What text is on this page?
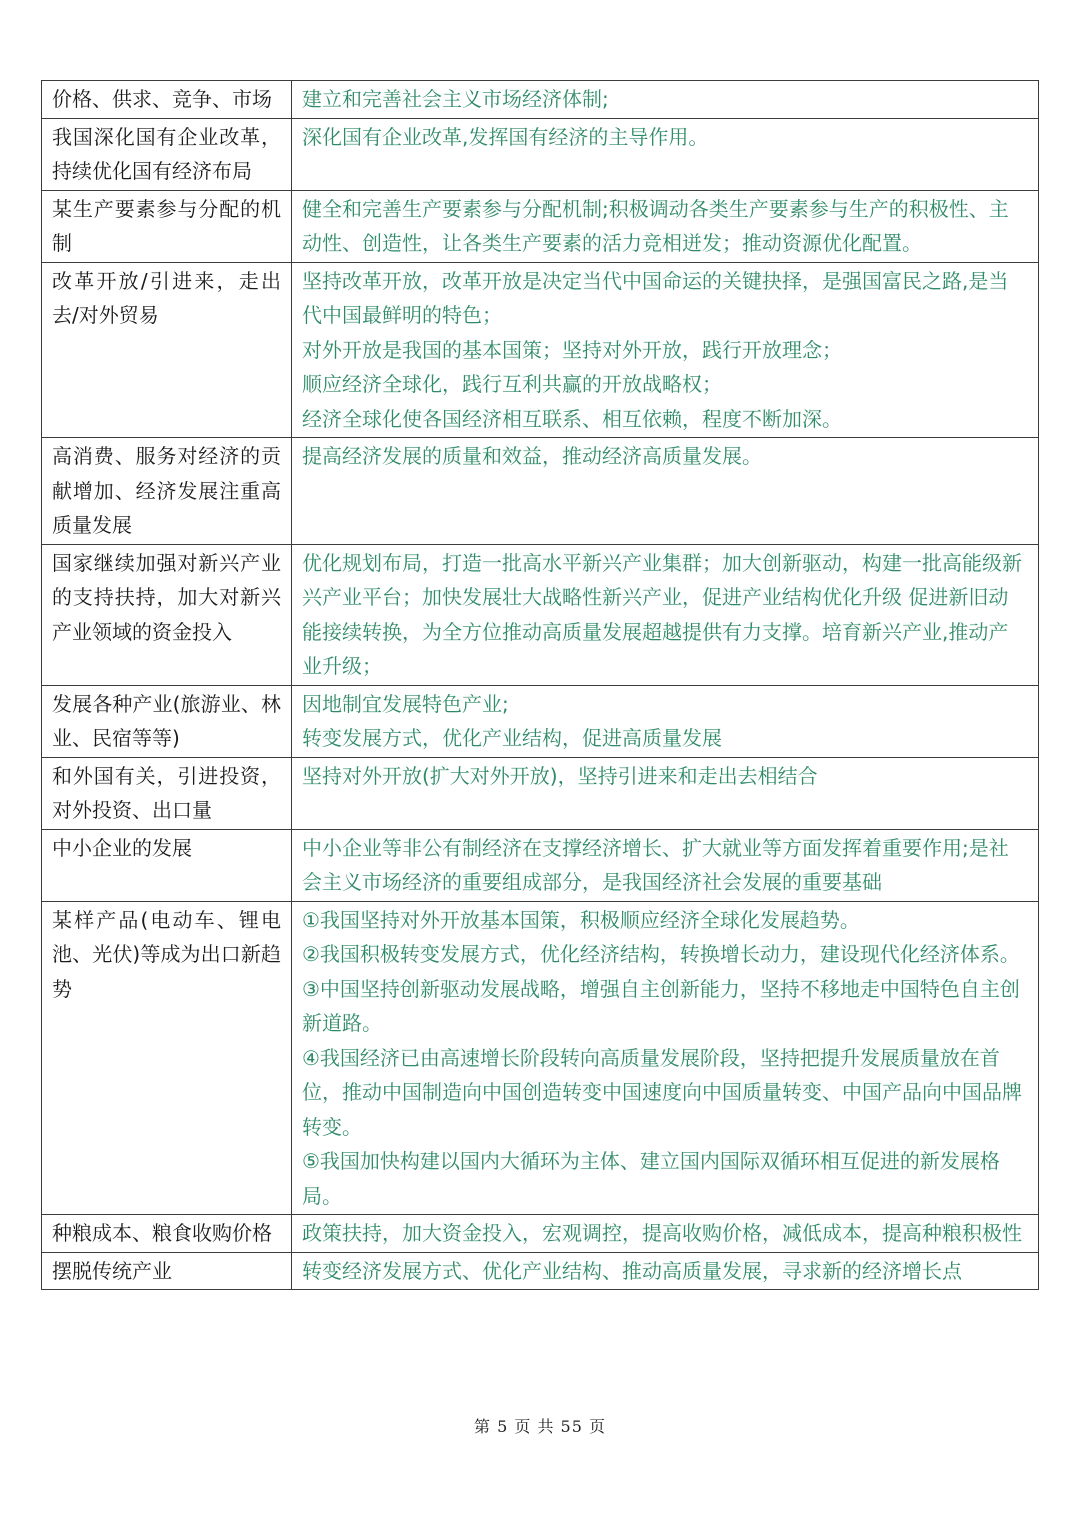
价格、供求、竞争、市场	建立和完善社会主义市场经济体制;

我国深化国有企业改革，持续优化国有经济布局	深化国有企业改革,发挥国有经济的主导作用。

某生产要素参与分配的机制	健全和完善生产要素参与分配机制;积极调动各类生产要素参与生产的积极性、主动性、创造性，让各类生产要素的活力竞相迸发；推动资源优化配置。

改革开放/引进来，走出去/对外贸易	坚持改革开放，改革开放是决定当代中国命运的关键抉择，是强国富民之路,是当代中国最鲜明的特色；
对外开放是我国的基本国策；坚持对外开放，践行开放理念；
顺应经济全球化，践行互利共赢的开放战略权；
经济全球化使各国经济相互联系、相互依赖，程度不断加深。

高消费、服务对经济的贡献增加、经济发展注重高质量发展	提高经济发展的质量和效益，推动经济高质量发展。

国家继续加强对新兴产业的支持扶持，加大对新兴产业领域的资金投入	优化规划布局，打造一批高水平新兴产业集群；加大创新驱动，构建一批高能级新兴产业平台；加快发展壮大战略性新兴产业，促进产业结构优化升级 促进新旧动能接续转换，为全方位推动高质量发展超越提供有力支撑。培育新兴产业,推动产业升级；

发展各种产业(旅游业、林业、民宿等等)	因地制宜发展特色产业;
转变发展方式，优化产业结构，促进高质量发展

和外国有关，引进投资，对外投资、出口量	坚持对外开放(扩大对外开放)，坚持引进来和走出去相结合

中小企业的发展	中小企业等非公有制经济在支撑经济增长、扩大就业等方面发挥着重要作用;是社会主义市场经济的重要组成部分，是我国经济社会发展的重要基础

某样产品(电动车、锂电池、光伏)等成为出口新趋势	①我国坚持对外开放基本国策，积极顺应经济全球化发展趋势。
②我国积极转变发展方式，优化经济结构，转换增长动力，建设现代化经济体系。
③中国坚持创新驱动发展战略，增强自主创新能力，坚持不移地走中国特色自主创新道路。
④我国经济已由高速增长阶段转向高质量发展阶段，坚持把提升发展质量放在首位，推动中国制造向中国创造转变中国速度向中国质量转变、中国产品向中国品牌转变。
⑤我国加快构建以国内大循环为主体、建立国内国际双循环相互促进的新发展格局。

种粮成本、粮食收购价格	政策扶持，加大资金投入，宏观调控，提高收购价格，减低成本，提高种粮积极性

摆脱传统产业	转变经济发展方式、优化产业结构、推动高质量发展，寻求新的经济增长点
第 5 页 共 55 页
